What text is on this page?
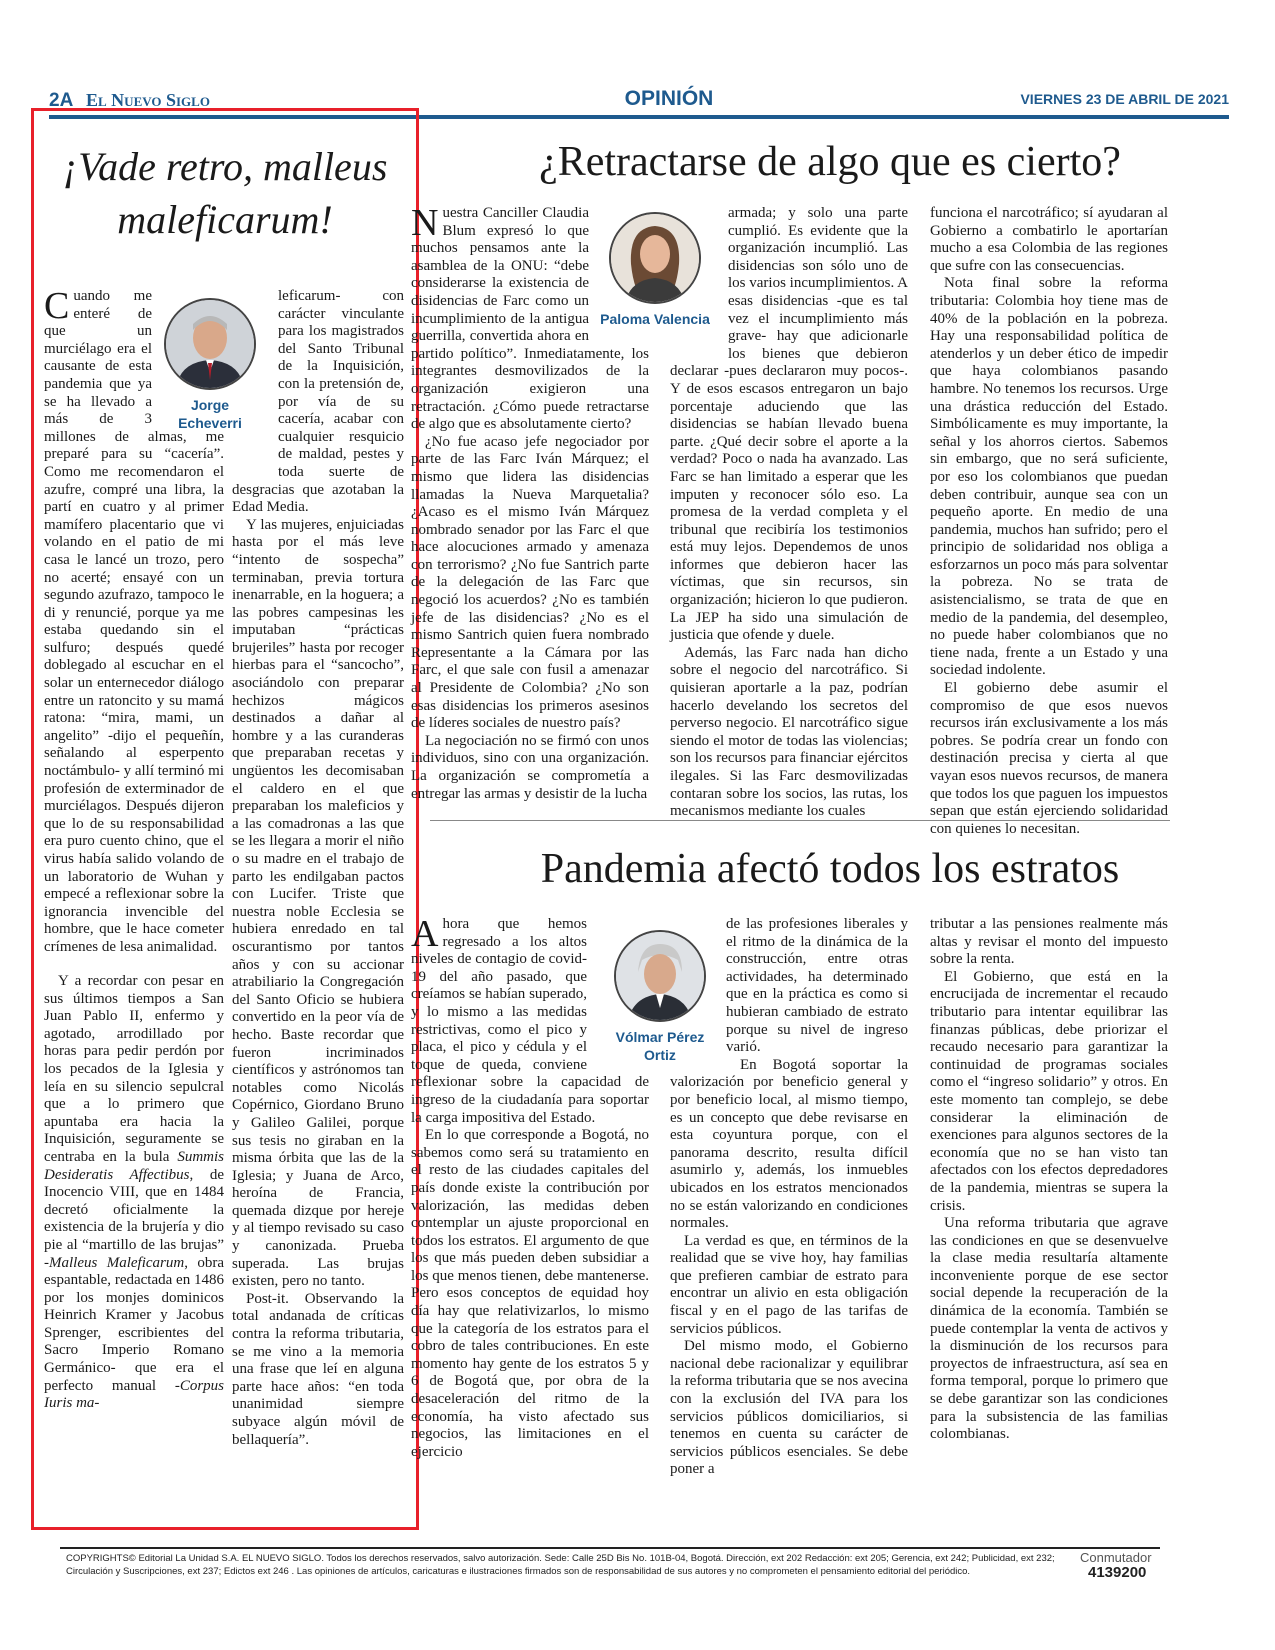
2A El Nuevo Siglo	OPINIÓN	VIERNES 23 DE ABRIL DE 2021
¡Vade retro, malleus maleficarum!
Jorge Echeverri

Cuando me enteré de que un murciélago era el causante de esta pandemia que ya se ha llevado a más de 3 millones de almas, me preparé para su “cacería”. Como me recomendaron el azufre, compré una libra, la partí en cuatro y al primer mamífero placentario que vi volando en el patio de mi casa le lancé un trozo, pero no acerté; ensayé con un segundo azufrazo, tampoco le di y renuncié, porque ya me estaba quedando sin el sulfuro; después quedé doblegado al escuchar en el solar un enternecedor diálogo entre un ratoncito y su mamá ratona: “mira, mami, un angelito” -dijo el pequeñín, señalando al esperpento noctámbulo- y allí terminó mi profesión de exterminador de murciélagos. Después dijeron que lo de su responsabilidad era puro cuento chino, que el virus había salido volando de un laboratorio de Wuhan y empecé a reflexionar sobre la ignorancia invencible del hombre, que le hace cometer crímenes de lesa animalidad.

Y a recordar con pesar en sus últimos tiempos a San Juan Pablo II, enfermo y agotado, arrodillado por horas para pedir perdón por los pecados de la Iglesia y leía en su silencio sepulcral que a lo primero que apuntaba era hacia la Inquisición, seguramente se centraba en la bula Summis Desideratis Affectibus, de Inocencio VIII, que en 1484 decretó oficialmente la existencia de la brujería y dio pie al “martillo de las brujas” -Malleus Maleficarum, obra espantable, redactada en 1486 por los monjes dominicos Heinrich Kramer y Jacobus Sprenger, escribientes del Sacro Imperio Romano Germánico- que era el perfecto manual -Corpus Iuris ma-

leficarum- con carácter vinculante para los magistrados del Santo Tribunal de la Inquisición, con la pretensión de, por vía de su cacería, acabar con cualquier resquicio de maldad, pestes y toda suerte de desgracias que azotaban la Edad Media.

Y las mujeres, enjuiciadas hasta por el más leve “intento de sospecha” terminaban, previa tortura inenarrable, en la hoguera; a las pobres campesinas les imputaban “prácticas brujeriles” hasta por recoger hierbas para el “sancocho”, asociándolo con preparar hechizos mágicos destinados a dañar al hombre y a las curanderas que preparaban recetas y ungüentos les decomisaban el caldero en el que preparaban los maleficios y a las comadronas a las que se les llegara a morir el niño o su madre en el trabajo de parto les endilgaban pactos con Lucifer. Triste que nuestra noble Ecclesia se hubiera enredado en tal oscurantismo por tantos años y con su accionar atrabiliario la Congregación del Santo Oficio se hubiera convertido en la peor vía de hecho. Baste recordar que fueron incriminados científicos y astrónomos tan notables como Nicolás Copérnico, Giordano Bruno y Galileo Galilei, porque sus tesis no giraban en la misma órbita que las de la Iglesia; y Juana de Arco, heroína de Francia, quemada dizque por hereje y al tiempo revisado su caso y canonizada. Prueba superada. Las brujas existen, pero no tanto.

Post-it. Observando la total andanada de críticas contra la reforma tributaria, se me vino a la memoria una frase que leí en alguna parte hace años: “en toda unanimidad siempre subyace algún móvil de bellaquería”.

¿Retractarse de algo que es cierto?

Nuestra Canciller Claudia Blum expresó lo que muchos pensamos ante la asamblea de la ONU: “debe considerarse la existencia de disidencias de Farc como un incumplimiento de la antigua guerrilla, convertida ahora en partido político”. Inmediatamente, los integrantes desmovilizados de la organización exigieron una retractación. ¿Cómo puede retractarse de algo que es absolutamente cierto?

¿No fue acaso jefe negociador por parte de las Farc Iván Márquez; el mismo que lidera las disidencias llamadas la Nueva Marquetalia? ¿Acaso es el mismo Iván Márquez nombrado senador por las Farc el que hace alocuciones armado y amenaza con terrorismo? ¿No fue Santrich parte de la delegación de las Farc que negoció los acuerdos? ¿No es también jefe de las disidencias? ¿No es el mismo Santrich quien fuera nombrado Representante a la Cámara por las Farc, el que sale con fusil a amenazar al Presidente de Colombia? ¿No son esas disidencias los primeros asesinos de líderes sociales de nuestro país?

La negociación no se firmó con unos individuos, sino con una organización. La organización se comprometía a entregar las armas y desistir de la lucha

Paloma Valencia

armada; y solo una parte cumplió. Es evidente que la organización incumplió. Las disidencias son sólo uno de los varios incumplimientos. A esas disidencias -que es tal vez el incumplimiento más grave- hay que adicionarle los bienes que debieron declarar -pues declararon muy pocos-. Y de esos escasos entregaron un bajo porcentaje aduciendo que las disidencias se habían llevado buena parte. ¿Qué decir sobre el aporte a la verdad? Poco o nada ha avanzado. Las Farc se han limitado a esperar que les imputen y reconocer sólo eso. La promesa de la verdad completa y el tribunal que recibiría los testimonios está muy lejos. Dependemos de unos informes que debieron hacer las víctimas, que sin recursos, sin organización; hicieron lo que pudieron. La JEP ha sido una simulación de justicia que ofende y duele.

Además, las Farc nada han dicho sobre el negocio del narcotráfico. Si quisieran aportarle a la paz, podrían hacerlo develando los secretos del perverso negocio. El narcotráfico sigue siendo el motor de todas las violencias; son los recursos para financiar ejércitos ilegales. Si las Farc desmovilizadas contaran sobre los socios, las rutas, los mecanismos mediante los cuales

funciona el narcotráfico; sí ayudaran al Gobierno a combatirlo le aportarían mucho a esa Colombia de las regiones que sufre con las consecuencias.

Nota final sobre la reforma tributaria: Colombia hoy tiene mas de 40% de la población en la pobreza. Hay una responsabilidad política de atenderlos y un deber ético de impedir que haya colombianos pasando hambre. No tenemos los recursos. Urge una drástica reducción del Estado. Simbólicamente es muy importante, la señal y los ahorros ciertos. Sabemos sin embargo, que no será suficiente, por eso los colombianos que puedan deben contribuir, aunque sea con un pequeño aporte. En medio de una pandemia, muchos han sufrido; pero el principio de solidaridad nos obliga a esforzarnos un poco más para solventar la pobreza. No se trata de asistencialismo, se trata de que en medio de la pandemia, del desempleo, no puede haber colombianos que no tiene nada, frente a un Estado y una sociedad indolente.

El gobierno debe asumir el compromiso de que esos nuevos recursos irán exclusivamente a los más pobres. Se podría crear un fondo con destinación precisa y cierta al que vayan esos nuevos recursos, de manera que todos los que paguen los impuestos sepan que están ejerciendo solidaridad con quienes lo necesitan.

Pandemia afectó todos los estratos

Ahora que hemos regresado a los altos niveles de contagio de covid-19 del año pasado, que creíamos se habían superado, y lo mismo a las medidas restrictivas, como el pico y placa, el pico y cédula y el toque de queda, conviene reflexionar sobre la capacidad de ingreso de la ciudadanía para soportar la carga impositiva del Estado.

En lo que corresponde a Bogotá, no sabemos como será su tratamiento en el resto de las ciudades capitales del país donde existe la contribución por valorización, las medidas deben contemplar un ajuste proporcional en todos los estratos. El argumento de que los que más pueden deben subsidiar a los que menos tienen, debe mantenerse. Pero esos conceptos de equidad hoy día hay que relativizarlos, lo mismo que la categoría de los estratos para el cobro de tales contribuciones. En este momento hay gente de los estratos 5 y 6 de Bogotá que, por obra de la desaceleración del ritmo de la economía, ha visto afectado sus negocios, las limitaciones en el ejercicio

Vólmar Pérez Ortiz

de las profesiones liberales y el ritmo de la dinámica de la construcción, entre otras actividades, ha determinado que en la práctica es como si hubieran cambiado de estrato porque su nivel de ingreso varió.

En Bogotá soportar la valorización por beneficio general y por beneficio local, al mismo tiempo, es un concepto que debe revisarse en esta coyuntura porque, con el panorama descrito, resulta difícil asumirlo y, además, los inmuebles ubicados en los estratos mencionados no se están valorizando en condiciones normales.

La verdad es que, en términos de la realidad que se vive hoy, hay familias que prefieren cambiar de estrato para encontrar un alivio en esta obligación fiscal y en el pago de las tarifas de servicios públicos.

Del mismo modo, el Gobierno nacional debe racionalizar y equilibrar la reforma tributaria que se nos avecina con la exclusión del IVA para los servicios públicos domiciliarios, si tenemos en cuenta su carácter de servicios públicos esenciales. Se debe poner a

tributar a las pensiones realmente más altas y revisar el monto del impuesto sobre la renta.

El Gobierno, que está en la encrucijada de incrementar el recaudo tributario para intentar equilibrar las finanzas públicas, debe priorizar el recaudo necesario para garantizar la continuidad de programas sociales como el “ingreso solidario” y otros. En este momento tan complejo, se debe considerar la eliminación de exenciones para algunos sectores de la economía que no se han visto tan afectados con los efectos depredadores de la pandemia, mientras se supera la crisis.

Una reforma tributaria que agrave las condiciones en que se desenvuelve la clase media resultaría altamente inconveniente porque de ese sector social depende la recuperación de la dinámica de la economía. También se puede contemplar la venta de activos y la disminución de los recursos para proyectos de infraestructura, así sea en forma temporal, porque lo primero que se debe garantizar son las condiciones para la subsistencia de las familias colombianas.

COPYRIGHTS© Editorial La Unidad S.A. EL NUEVO SIGLO. Todos los derechos reservados, salvo autorización. Sede: Calle 25D Bis No. 101B-04, Bogotá. Dirección, ext 202 Redacción: ext 205; Gerencia, ext 242; Publicidad, ext 232;
Circulación y Suscripciones, ext 237; Edictos ext 246 . Las opiniones de artículos, caricaturas e ilustraciones firmados son de responsabilidad de sus autores y no comprometen el pensamiento editorial del periódico.
Conmutador
4139200
